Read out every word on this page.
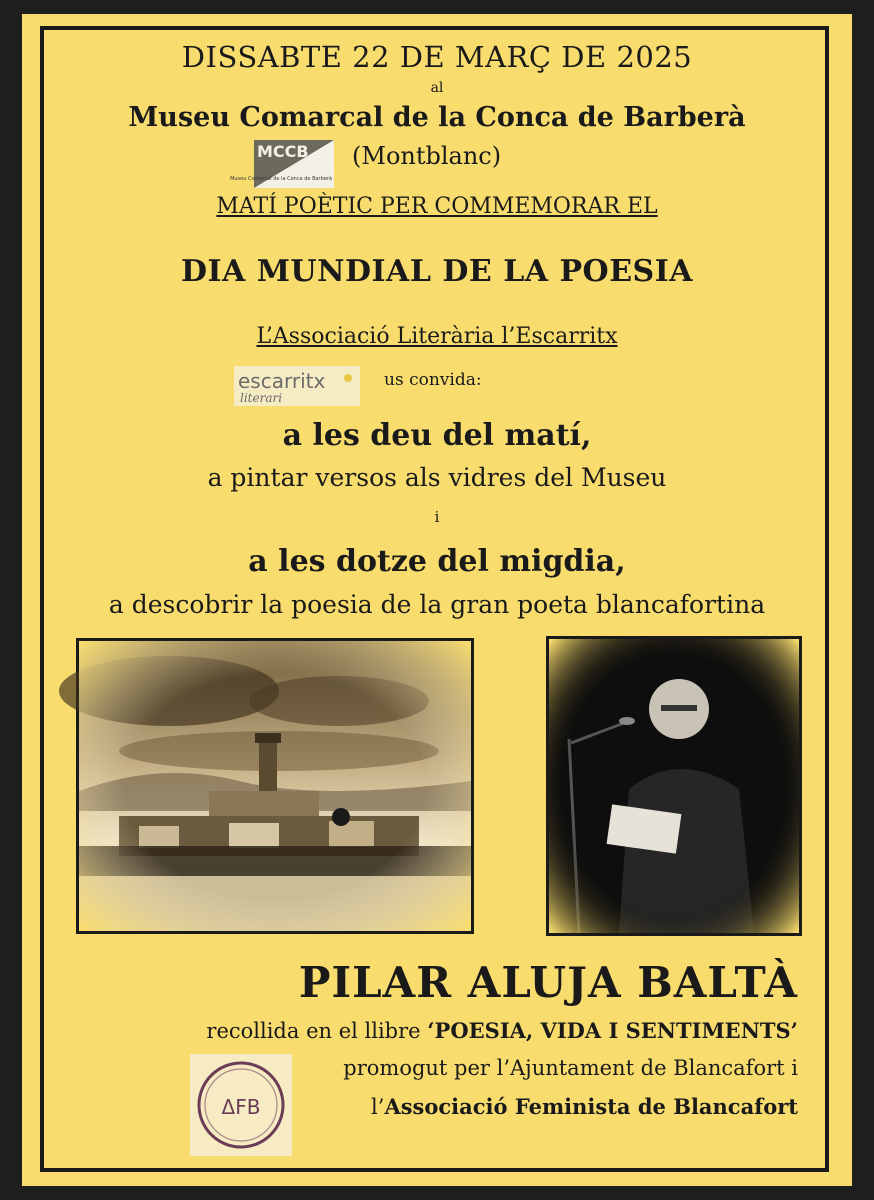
DISSABTE 22 DE MARÇ DE 2025
al
Museu Comarcal de la Conca de Barberà
MCCB
Museu Comarcal de la Conca de Barberà
(Montblanc)
MATÍ POÈTIC PER COMMEMORAR EL
DIA MUNDIAL DE LA POESIA
L’Associació Literària l’Escarritx
escarritx
literari
us convida:
a les deu del matí,
a pintar versos als vidres del Museu
i
a les dotze del migdia,
a descobrir la poesia de la gran poeta blancafortina
PILAR ALUJA BALTÀ
recollida en el llibre ‘POESIA, VIDA I SENTIMENTS’
promogut per l’Ajuntament de Blancafort i
l’Associació Feminista de Blancafort
ΔFB
